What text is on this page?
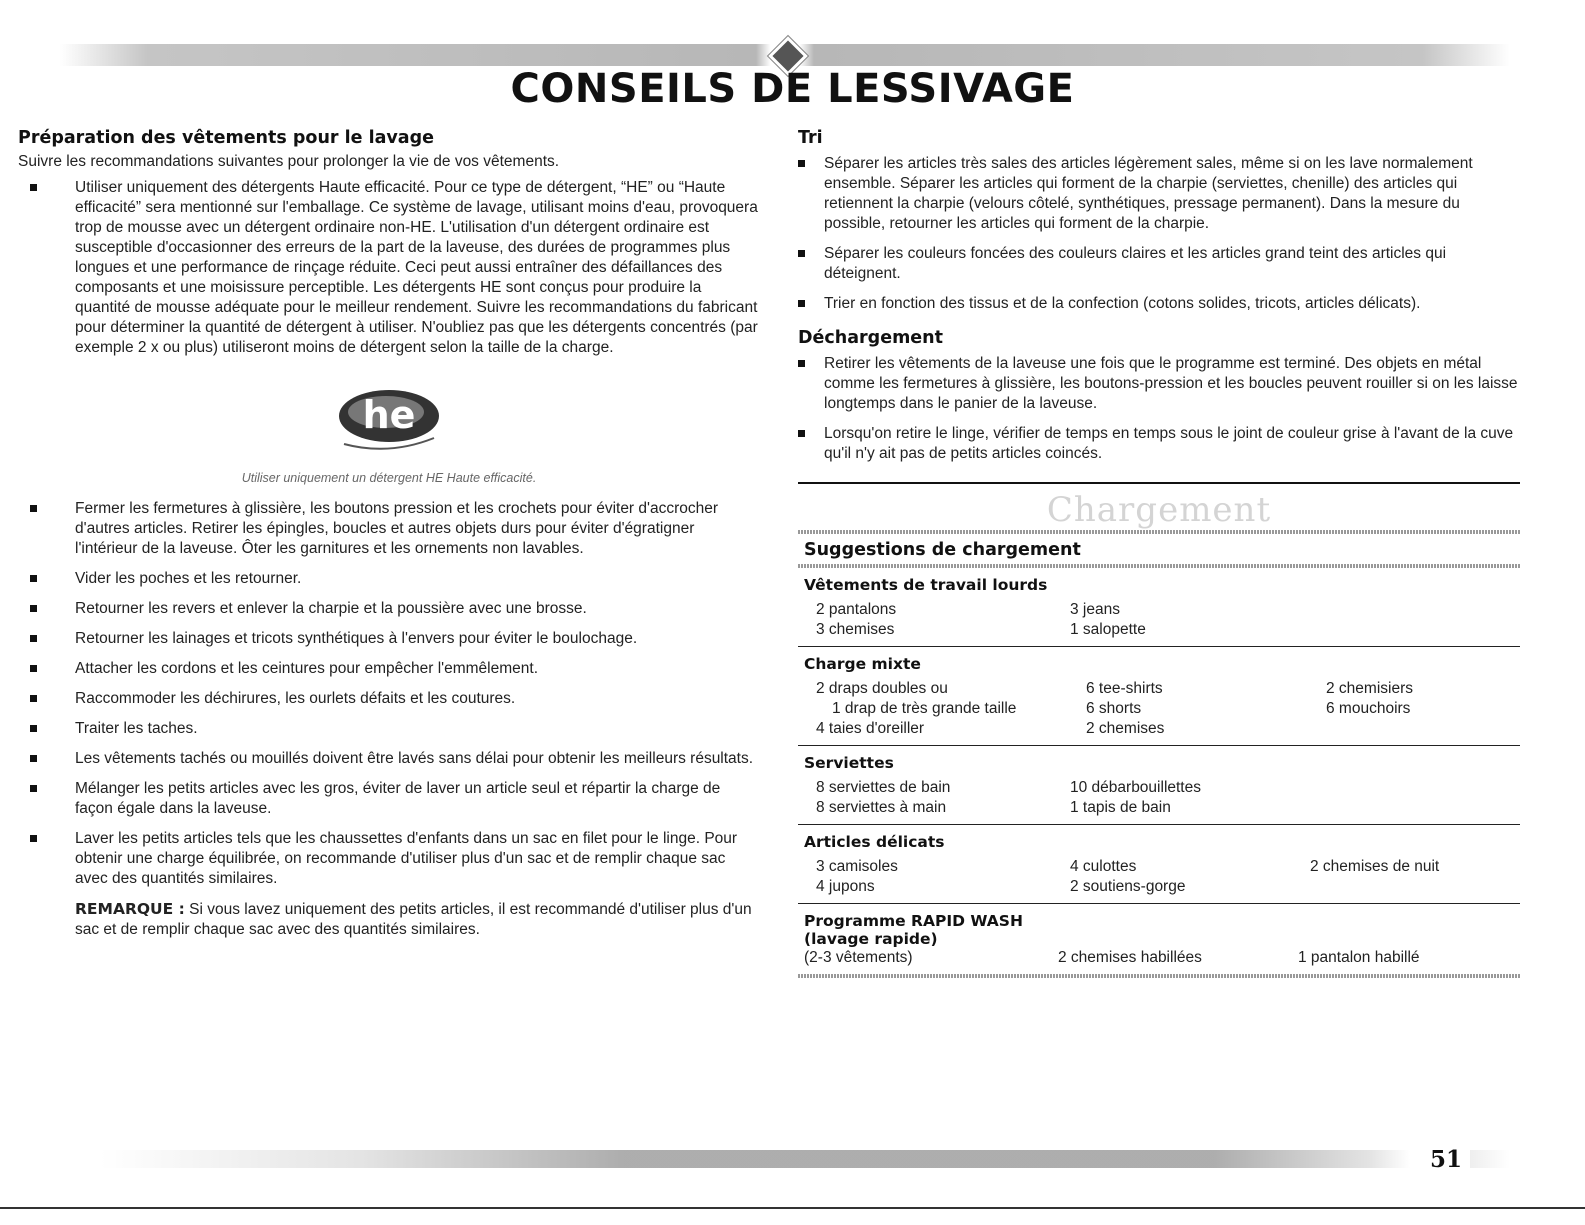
CONSEILS DE LESSIVAGE
Préparation des vêtements pour le lavage

Suivre les recommandations suivantes pour prolonger la vie de vos vêtements.

Utiliser uniquement des détergents Haute efficacité. Pour ce type de détergent, “HE” ou “Haute efficacité” sera mentionné sur l'emballage. Ce système de lavage, utilisant moins d'eau, provoquera trop de mousse avec un détergent ordinaire non-HE. L'utilisation d'un détergent ordinaire est susceptible d'occasionner des erreurs de la part de la laveuse, des durées de programmes plus longues et une performance de rinçage réduite. Ceci peut aussi entraîner des défaillances des composants et une moisissure perceptible. Les détergents HE sont conçus pour produire la quantité de mousse adéquate pour le meilleur rendement. Suivre les recommandations du fabricant pour déterminer la quantité de détergent à utiliser. N'oubliez pas que les détergents concentrés (par exemple 2 x ou plus) utiliseront moins de détergent selon la taille de la charge.
he
Utiliser uniquement un détergent HE Haute efficacité.
Fermer les fermetures à glissière, les boutons pression et les crochets pour éviter d'accrocher d'autres articles. Retirer les épingles, boucles et autres objets durs pour éviter d'égratigner l'intérieur de la laveuse. Ôter les garnitures et les ornements non lavables.
Vider les poches et les retourner.
Retourner les revers et enlever la charpie et la poussière avec une brosse.
Retourner les lainages et tricots synthétiques à l'envers pour éviter le boulochage.
Attacher les cordons et les ceintures pour empêcher l'emmêlement.
Raccommoder les déchirures, les ourlets défaits et les coutures.
Traiter les taches.
Les vêtements tachés ou mouillés doivent être lavés sans délai pour obtenir les meilleurs résultats.
Mélanger les petits articles avec les gros, éviter de laver un article seul et répartir la charge de façon égale dans la laveuse.
Laver les petits articles tels que les chaussettes d'enfants dans un sac en filet pour le linge. Pour obtenir une charge équilibrée, on recommande d'utiliser plus d'un sac et de remplir chaque sac avec des quantités similaires.

REMARQUE : Si vous lavez uniquement des petits articles, il est recommandé d'utiliser plus d'un sac et de remplir chaque sac avec des quantités similaires.

Tri
Séparer les articles très sales des articles légèrement sales, même si on les lave normalement ensemble. Séparer les articles qui forment de la charpie (serviettes, chenille) des articles qui retiennent la charpie (velours côtelé, synthétiques, pressage permanent). Dans la mesure du possible, retourner les articles qui forment de la charpie.
Séparer les couleurs foncées des couleurs claires et les articles grand teint des articles qui déteignent.
Trier en fonction des tissus et de la confection (cotons solides, tricots, articles délicats).
Déchargement
Retirer les vêtements de la laveuse une fois que le programme est terminé. Des objets en métal comme les fermetures à glissière, les boutons-pression et les boucles peuvent rouiller si on les laisse longtemps dans le panier de la laveuse.
Lorsqu'on retire le linge, vérifier de temps en temps sous le joint de couleur grise à l'avant de la cuve qu'il n'y ait pas de petits articles coincés.
Chargement
Suggestions de chargement
Vêtements de travail lourds
2 pantalons	3 jeans	
3 chemises	1 salopette	
Charge mixte
2 draps doubles ou	6 tee-shirts	2 chemisiers
1 drap de très grande taille	6 shorts	6 mouchoirs
4 taies d'oreiller	2 chemises	
Serviettes
8 serviettes de bain	10 débarbouillettes	
8 serviettes à main	1 tapis de bain	
Articles délicats
3 camisoles	4 culottes	2 chemises de nuit
4 jupons	2 soutiens-gorge	
Programme RAPID WASH
(lavage rapide)
(2-3 vêtements)	2 chemises habillées	1 pantalon habillé
51
